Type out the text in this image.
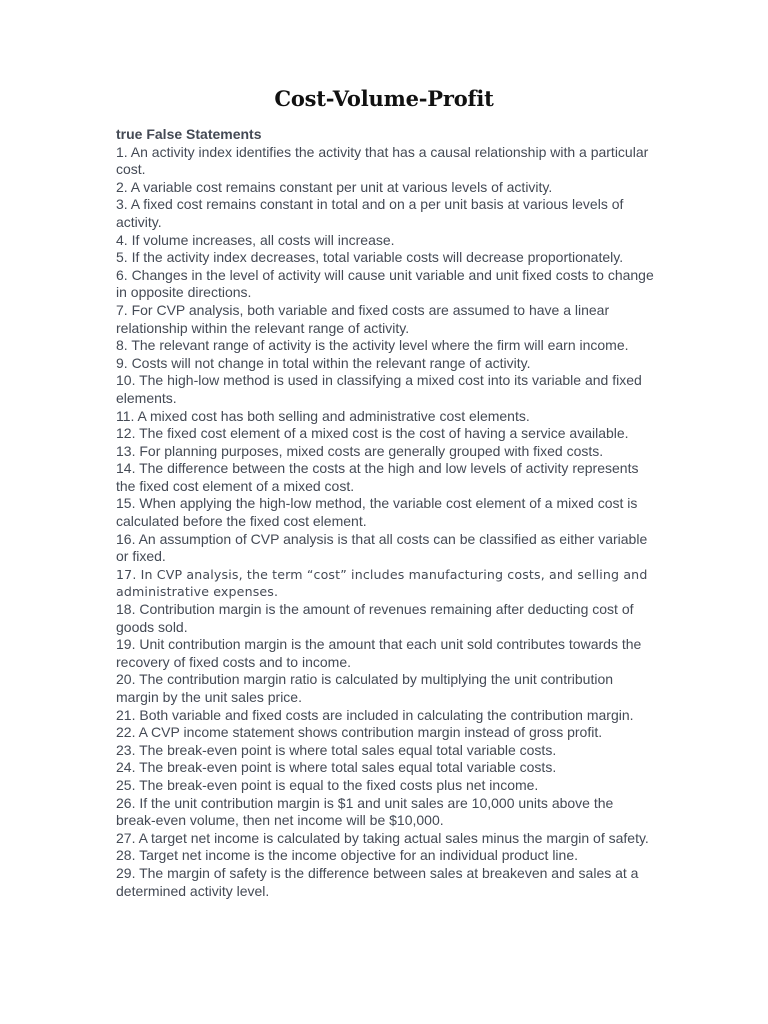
Cost-Volume-Profit

true False Statements

1. An activity index identifies the activity that has a causal relationship with a particular cost.
2. A variable cost remains constant per unit at various levels of activity.
3. A fixed cost remains constant in total and on a per unit basis at various levels of activity.
4. If volume increases, all costs will increase.
5. If the activity index decreases, total variable costs will decrease proportionately.
6. Changes in the level of activity will cause unit variable and unit fixed costs to change in opposite directions.
7. For CVP analysis, both variable and fixed costs are assumed to have a linear relationship within the relevant range of activity.
8. The relevant range of activity is the activity level where the firm will earn income.
9. Costs will not change in total within the relevant range of activity.
10. The high-low method is used in classifying a mixed cost into its variable and fixed elements.
11. A mixed cost has both selling and administrative cost elements.
12. The fixed cost element of a mixed cost is the cost of having a service available.
13. For planning purposes, mixed costs are generally grouped with fixed costs.
14. The difference between the costs at the high and low levels of activity represents the fixed cost element of a mixed cost.
15. When applying the high-low method, the variable cost element of a mixed cost is calculated before the fixed cost element.
16. An assumption of CVP analysis is that all costs can be classified as either variable or fixed.
17. In CVP analysis, the term “cost” includes manufacturing costs, and selling and administrative expenses.
18. Contribution margin is the amount of revenues remaining after deducting cost of goods sold.
19. Unit contribution margin is the amount that each unit sold contributes towards the recovery of fixed costs and to income.
20. The contribution margin ratio is calculated by multiplying the unit contribution margin by the unit sales price.
21. Both variable and fixed costs are included in calculating the contribution margin.
22. A CVP income statement shows contribution margin instead of gross profit.
23. The break-even point is where total sales equal total variable costs.
24. The break-even point is where total sales equal total variable costs.
25. The break-even point is equal to the fixed costs plus net income.
26. If the unit contribution margin is $1 and unit sales are 10,000 units above the break-even volume, then net income will be $10,000.
27. A target net income is calculated by taking actual sales minus the margin of safety.
28. Target net income is the income objective for an individual product line.
29. The margin of safety is the difference between sales at breakeven and sales at a determined activity level.
